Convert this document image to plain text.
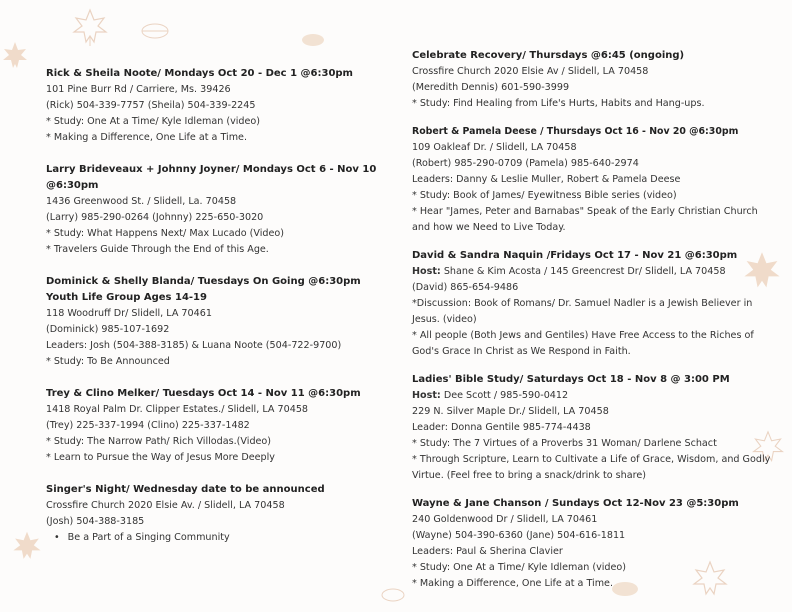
Rick & Sheila Noote/ Mondays Oct 20 - Dec 1 @6:30pm
101 Pine Burr Rd / Carriere, Ms. 39426
(Rick) 504-339-7757 (Sheila) 504-339-2245
* Study: One At a Time/ Kyle Idleman (video)
* Making a Difference, One Life at a Time.
Larry Brideveaux + Johnny Joyner/ Mondays Oct 6 - Nov 10 @6:30pm
1436 Greenwood St. / Slidell, La. 70458
(Larry) 985-290-0264 (Johnny) 225-650-3020
* Study: What Happens Next/ Max Lucado (Video)
* Travelers Guide Through the End of this Age.
Dominick & Shelly Blanda/ Tuesdays On Going @6:30pm Youth Life Group Ages 14-19
118 Woodruff Dr/ Slidell, LA 70461
(Dominick) 985-107-1692
Leaders: Josh (504-388-3185) & Luana Noote (504-722-9700)
* Study: To Be Announced
Trey & Clino Melker/ Tuesdays Oct 14 - Nov 11 @6:30pm
1418 Royal Palm Dr. Clipper Estates./ Slidell, LA 70458
(Trey) 225-337-1994 (Clino) 225-337-1482
* Study: The Narrow Path/ Rich Villodas.(Video)
* Learn to Pursue the Way of Jesus More Deeply
Singer's Night/ Wednesday date to be announced
Crossfire Church 2020 Elsie Av. / Slidell, LA 70458
(Josh) 504-388-3185
• Be a Part of a Singing Community
Celebrate Recovery/ Thursdays @6:45 (ongoing)
Crossfire Church 2020 Elsie Av / Slidell, LA 70458
(Meredith Dennis) 601-590-3999
* Study: Find Healing from Life's Hurts, Habits and Hang-ups.
Robert & Pamela Deese / Thursdays Oct 16 - Nov 20 @6:30pm
109 Oakleaf Dr. / Slidell, LA 70458
(Robert) 985-290-0709 (Pamela) 985-640-2974
Leaders: Danny & Leslie Muller, Robert & Pamela Deese
* Study: Book of James/ Eyewitness Bible series (video)
* Hear "James, Peter and Barnabas" Speak of the Early Christian Church and how we Need to Live Today.
David & Sandra Naquin /Fridays Oct 17 - Nov 21 @6:30pm
Host: Shane & Kim Acosta / 145 Greencrest Dr/ Slidell, LA 70458
(David) 865-654-9486
*Discussion: Book of Romans/ Dr. Samuel Nadler is a Jewish Believer in Jesus. (video)
* All people (Both Jews and Gentiles) Have Free Access to the Riches of God's Grace In Christ as We Respond in Faith.
Ladies' Bible Study/ Saturdays Oct 18 - Nov 8 @ 3:00 PM
Host: Dee Scott / 985-590-0412
229 N. Silver Maple Dr./ Slidell, LA 70458
Leader: Donna Gentile 985-774-4438
* Study: The 7 Virtues of a Proverbs 31 Woman/ Darlene Schact
* Through Scripture, Learn to Cultivate a Life of Grace, Wisdom, and Godly Virtue. (Feel free to bring a snack/drink to share)
Wayne & Jane Chanson / Sundays Oct 12-Nov 23 @5:30pm
240 Goldenwood Dr / Slidell, LA 70461
(Wayne) 504-390-6360 (Jane) 504-616-1811
Leaders: Paul & Sherina Clavier
* Study: One At a Time/ Kyle Idleman (video)
* Making a Difference, One Life at a Time.
